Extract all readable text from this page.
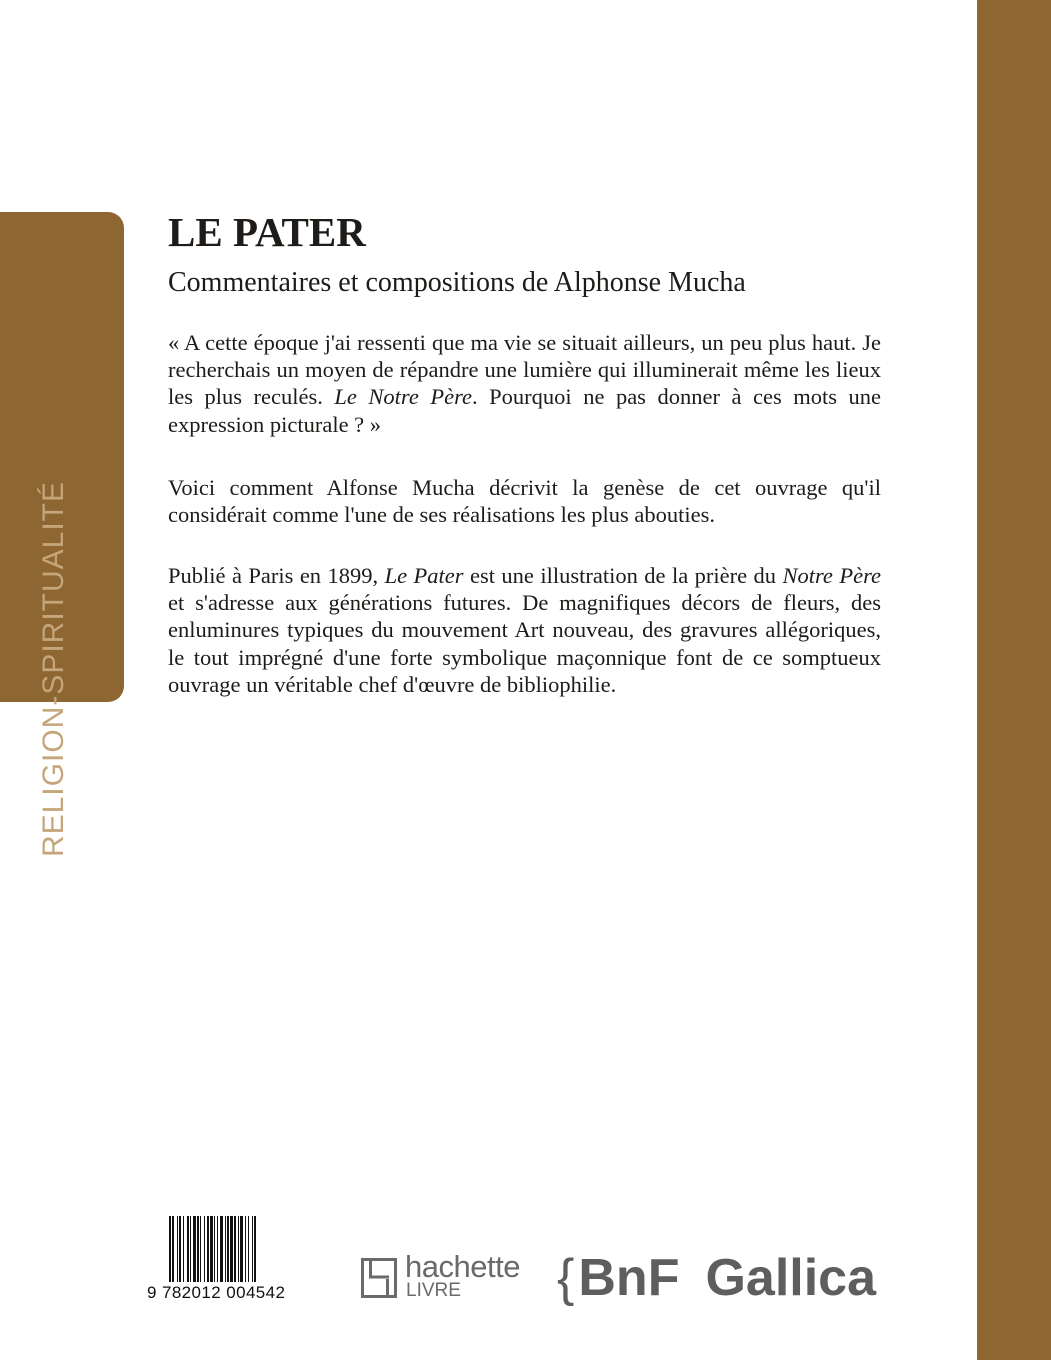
RELIGION-SPIRITUALITÉ
LE PATER
Commentaires et compositions de Alphonse Mucha

« A cette époque j'ai ressenti que ma vie se situait ailleurs, un peu plus haut. Je recherchais un moyen de répandre une lumière qui illuminerait même les lieux les plus reculés. Le Notre Père. Pourquoi ne pas donner à ces mots une expression picturale ? »

Voici comment Alfonse Mucha décrivit la genèse de cet ouvrage qu'il considérait comme l'une de ses réalisations les plus abouties.

Publié à Paris en 1899, Le Pater est une illustration de la prière du Notre Père et s'adresse aux générations futures. De magnifiques décors de fleurs, des enluminures typiques du mouvement Art nouveau, des gravures allégoriques, le tout imprégné d'une forte symbolique maçonnique font de ce somptueux ouvrage un véritable chef d'œuvre de bibliophilie.

9 782012 004542
hachette
LIVRE {BnF Gallica
